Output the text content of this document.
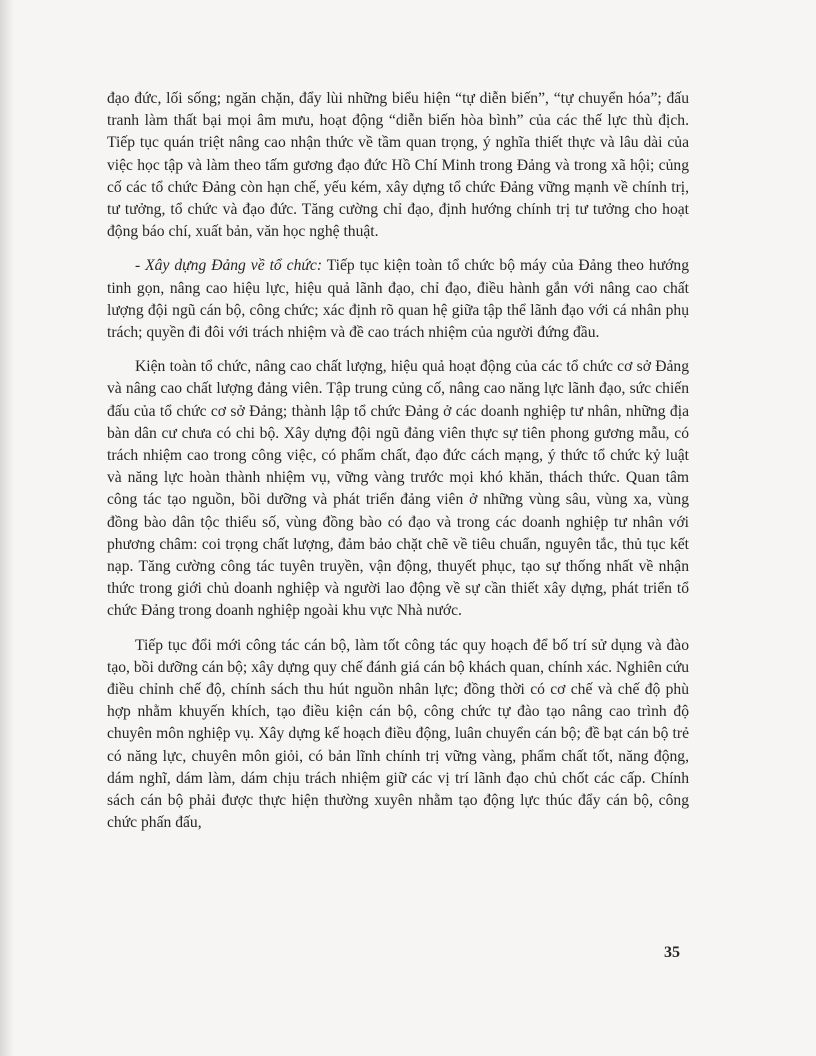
đạo đức, lối sống; ngăn chặn, đẩy lùi những biểu hiện “tự diễn biến”, “tự chuyển hóa”; đấu tranh làm thất bại mọi âm mưu, hoạt động “diễn biến hòa bình” của các thế lực thù địch. Tiếp tục quán triệt nâng cao nhận thức về tầm quan trọng, ý nghĩa thiết thực và lâu dài của việc học tập và làm theo tấm gương đạo đức Hồ Chí Minh trong Đảng và trong xã hội; củng cố các tổ chức Đảng còn hạn chế, yếu kém, xây dựng tổ chức Đảng vững mạnh về chính trị, tư tưởng, tổ chức và đạo đức. Tăng cường chỉ đạo, định hướng chính trị tư tưởng cho hoạt động báo chí, xuất bản, văn học nghệ thuật.

- Xây dựng Đảng về tổ chức: Tiếp tục kiện toàn tổ chức bộ máy của Đảng theo hướng tinh gọn, nâng cao hiệu lực, hiệu quả lãnh đạo, chỉ đạo, điều hành gắn với nâng cao chất lượng đội ngũ cán bộ, công chức; xác định rõ quan hệ giữa tập thể lãnh đạo với cá nhân phụ trách; quyền đi đôi với trách nhiệm và đề cao trách nhiệm của người đứng đầu.

Kiện toàn tổ chức, nâng cao chất lượng, hiệu quả hoạt động của các tổ chức cơ sở Đảng và nâng cao chất lượng đảng viên. Tập trung củng cố, nâng cao năng lực lãnh đạo, sức chiến đấu của tổ chức cơ sở Đảng; thành lập tổ chức Đảng ở các doanh nghiệp tư nhân, những địa bàn dân cư chưa có chi bộ. Xây dựng đội ngũ đảng viên thực sự tiên phong gương mẫu, có trách nhiệm cao trong công việc, có phẩm chất, đạo đức cách mạng, ý thức tổ chức kỷ luật và năng lực hoàn thành nhiệm vụ, vững vàng trước mọi khó khăn, thách thức. Quan tâm công tác tạo nguồn, bồi dưỡng và phát triển đảng viên ở những vùng sâu, vùng xa, vùng đồng bào dân tộc thiểu số, vùng đồng bào có đạo và trong các doanh nghiệp tư nhân với phương châm: coi trọng chất lượng, đảm bảo chặt chẽ về tiêu chuẩn, nguyên tắc, thủ tục kết nạp. Tăng cường công tác tuyên truyền, vận động, thuyết phục, tạo sự thống nhất về nhận thức trong giới chủ doanh nghiệp và người lao động về sự cần thiết xây dựng, phát triển tổ chức Đảng trong doanh nghiệp ngoài khu vực Nhà nước.

Tiếp tục đổi mới công tác cán bộ, làm tốt công tác quy hoạch để bố trí sử dụng và đào tạo, bồi dưỡng cán bộ; xây dựng quy chế đánh giá cán bộ khách quan, chính xác. Nghiên cứu điều chỉnh chế độ, chính sách thu hút nguồn nhân lực; đồng thời có cơ chế và chế độ phù hợp nhằm khuyến khích, tạo điều kiện cán bộ, công chức tự đào tạo nâng cao trình độ chuyên môn nghiệp vụ. Xây dựng kế hoạch điều động, luân chuyển cán bộ; đề bạt cán bộ trẻ có năng lực, chuyên môn giỏi, có bản lĩnh chính trị vững vàng, phẩm chất tốt, năng động, dám nghĩ, dám làm, dám chịu trách nhiệm giữ các vị trí lãnh đạo chủ chốt các cấp. Chính sách cán bộ phải được thực hiện thường xuyên nhằm tạo động lực thúc đẩy cán bộ, công chức phấn đấu,

35
